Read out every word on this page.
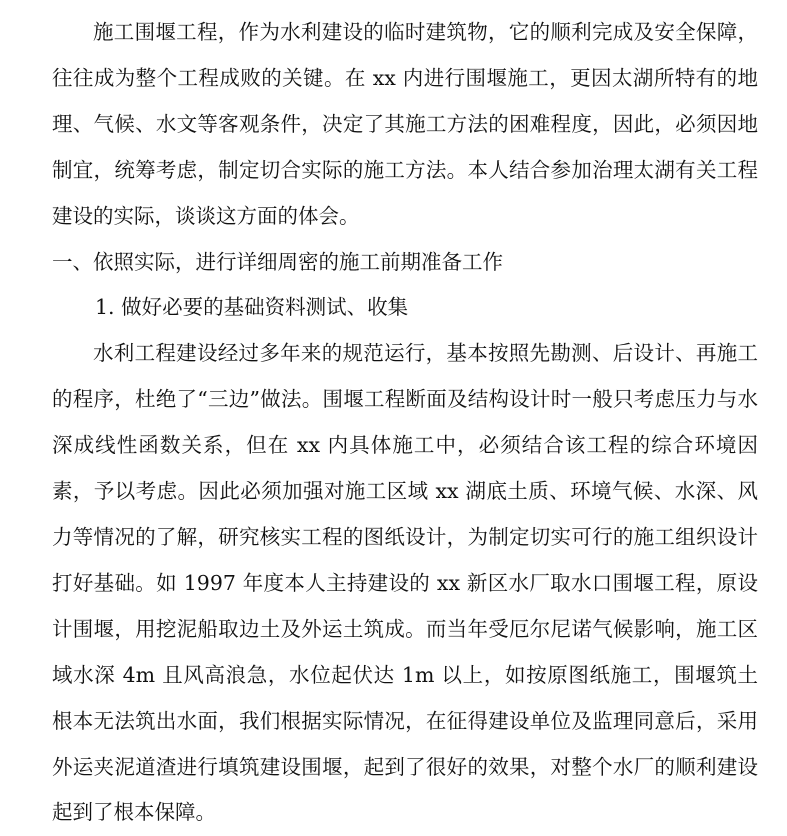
施工围堰工程，作为水利建设的临时建筑物，它的顺利完成及安全保障，往往成为整个工程成败的关键。在 xx 内进行围堰施工，更因太湖所特有的地理、气候、水文等客观条件，决定了其施工方法的困难程度，因此，必须因地制宜，统筹考虑，制定切合实际的施工方法。本人结合参加治理太湖有关工程建设的实际，谈谈这方面的体会。

一、依照实际，进行详细周密的施工前期准备工作

1. 做好必要的基础资料测试、收集

水利工程建设经过多年来的规范运行，基本按照先勘测、后设计、再施工的程序，杜绝了“三边”做法。围堰工程断面及结构设计时一般只考虑压力与水深成线性函数关系，但在 xx 内具体施工中，必须结合该工程的综合环境因素，予以考虑。因此必须加强对施工区域 xx 湖底土质、环境气候、水深、风力等情况的了解，研究核实工程的图纸设计，为制定切实可行的施工组织设计打好基础。如 1997 年度本人主持建设的 xx 新区水厂取水口围堰工程，原设计围堰，用挖泥船取边土及外运土筑成。而当年受厄尔尼诺气候影响，施工区域水深 4m 且风高浪急，水位起伏达 1m 以上，如按原图纸施工，围堰筑土根本无法筑出水面，我们根据实际情况，在征得建设单位及监理同意后，采用外运夹泥道渣进行填筑建设围堰，起到了很好的效果，对整个水厂的顺利建设起到了根本保障。
